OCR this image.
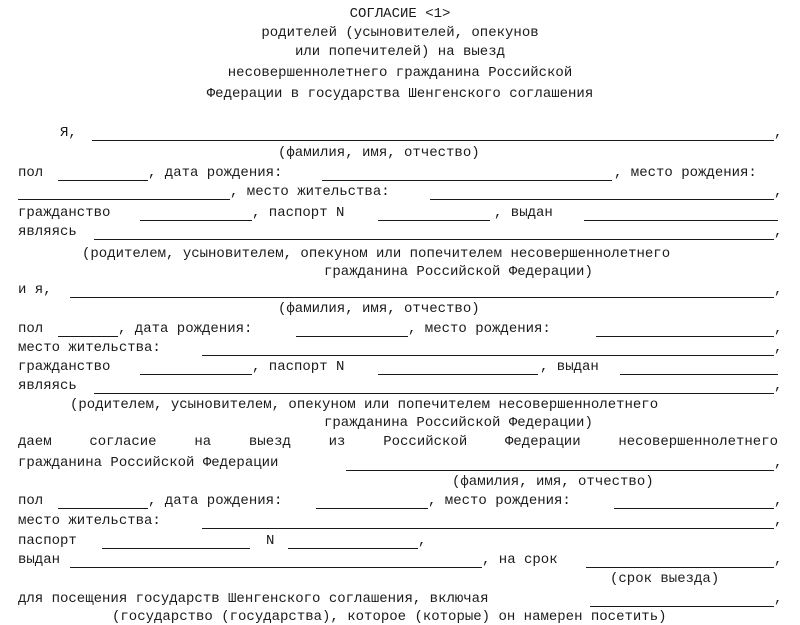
СОГЛАСИЕ <1>
родителей (усыновителей, опекунов
или попечителей) на выезд
несовершеннолетнего гражданина Российской
Федерации в государства Шенгенского соглашения
Я,	,
(фамилия, имя, отчество)
пол	, дата рождения:	, место рождения:
, место жительства:	,
гражданство	, паспорт N	, выдан
являясь	,
(родителем, усыновителем, опекуном или попечителем несовершеннолетнего
гражданина Российской Федерации)
и я,	,
(фамилия, имя, отчество)
пол	, дата рождения:	, место рождения:	,
место жительства:	,
гражданство	, паспорт N	, выдан
являясь	,
(родителем, усыновителем, опекуном или попечителем несовершеннолетнего
гражданина Российской Федерации)
даем согласие на выезд из Российской Федерации несовершеннолетнего
гражданина Российской Федерации	,
(фамилия, имя, отчество)
пол	, дата рождения:	, место рождения:	,
место жительства:	,
паспорт	N	,
выдан	, на срок	,
(срок выезда)
для посещения государств Шенгенского соглашения, включая	,
(государство (государства), которое (которые) он намерен посетить)
